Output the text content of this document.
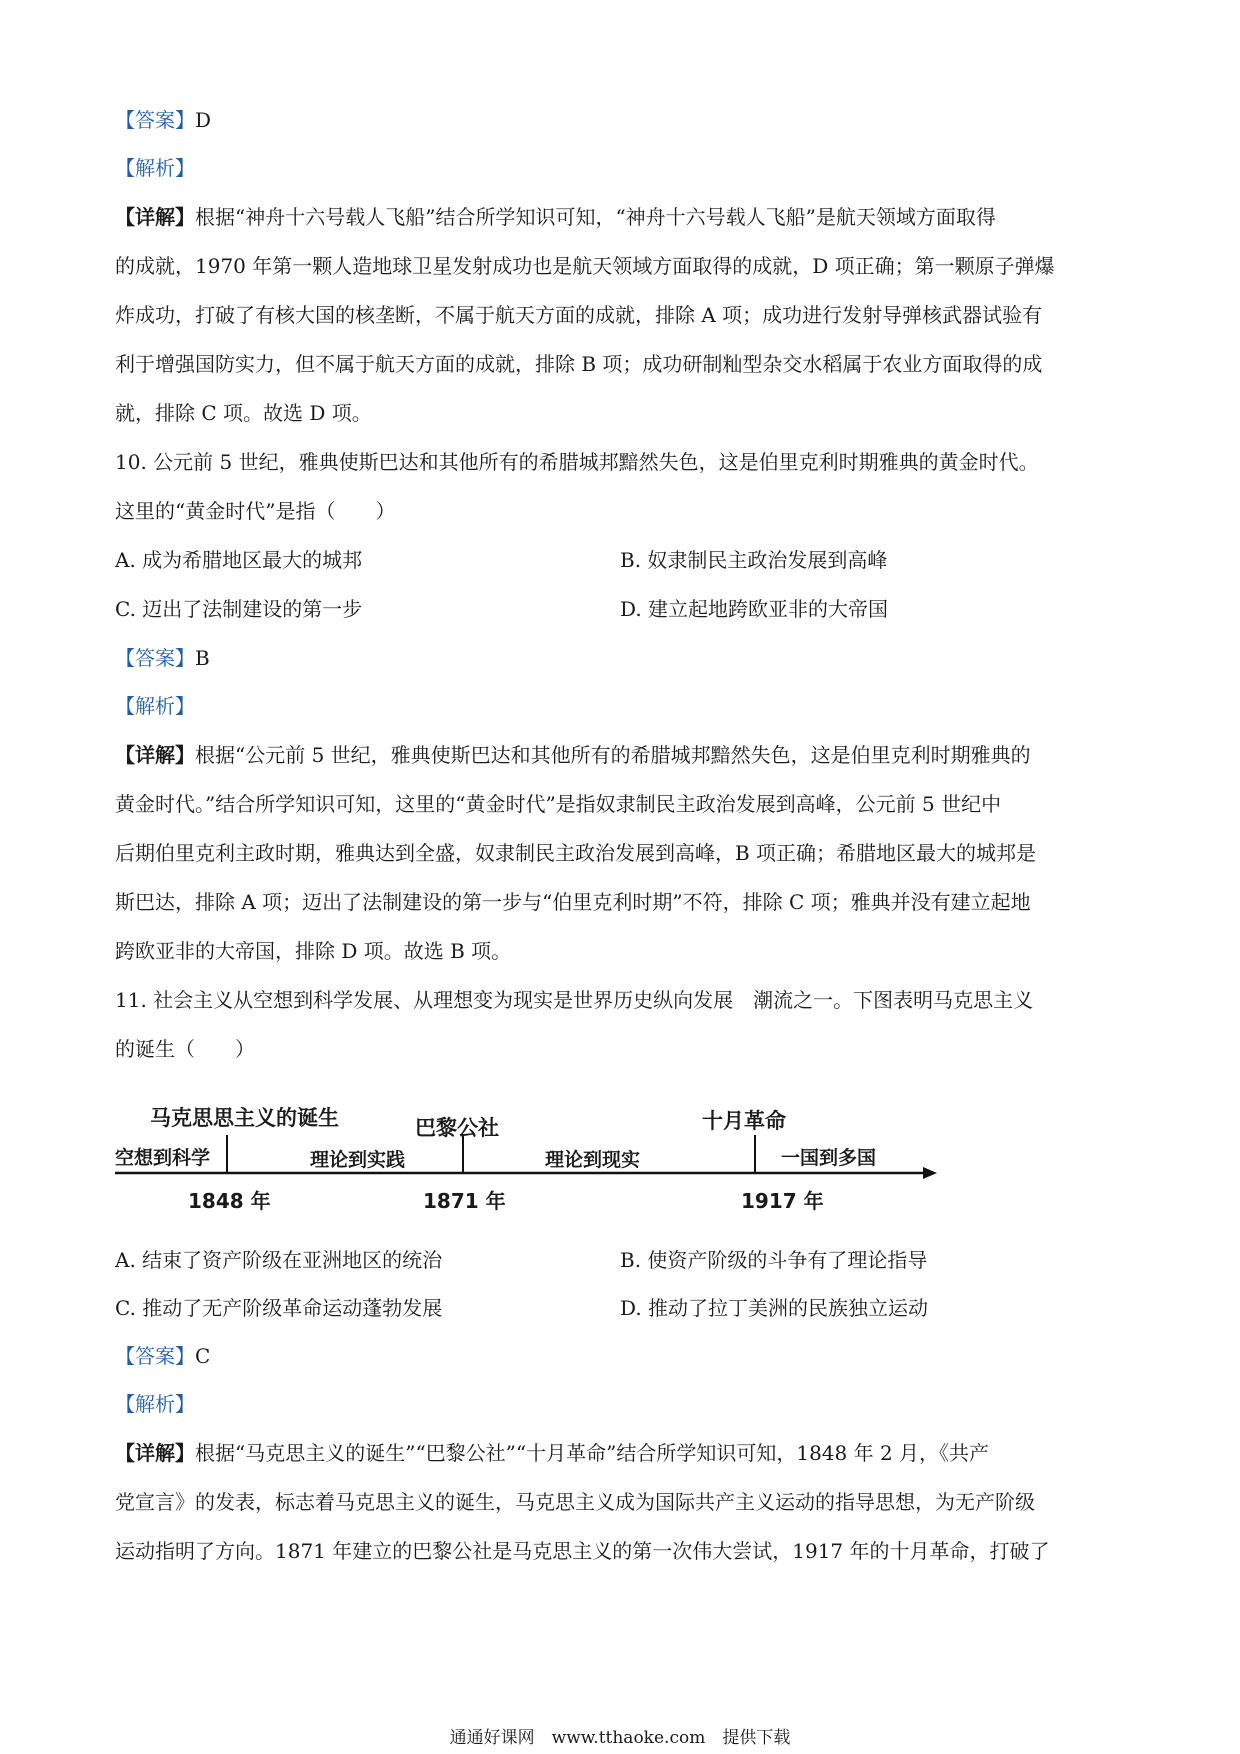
【答案】D
【解析】
【详解】根据“神舟十六号载人飞船”结合所学知识可知，“神舟十六号载人飞船”是航天领域方面取得
的成就，1970 年第一颗人造地球卫星发射成功也是航天领域方面取得的成就，D 项正确；第一颗原子弹爆
炸成功，打破了有核大国的核垄断，不属于航天方面的成就，排除 A 项；成功进行发射导弹核武器试验有
利于增强国防实力，但不属于航天方面的成就，排除 B 项；成功研制籼型杂交水稻属于农业方面取得的成
就，排除 C 项。故选 D 项。
10. 公元前 5 世纪，雅典使斯巴达和其他所有的希腊城邦黯然失色，这是伯里克利时期雅典的黄金时代。
这里的“黄金时代”是指（　　）
A. 成为希腊地区最大的城邦	B. 奴隶制民主政治发展到高峰
C. 迈出了法制建设的第一步	D. 建立起地跨欧亚非的大帝国
【答案】B
【解析】
【详解】根据“公元前 5 世纪，雅典使斯巴达和其他所有的希腊城邦黯然失色，这是伯里克利时期雅典的
黄金时代。”结合所学知识可知，这里的“黄金时代”是指奴隶制民主政治发展到高峰，公元前 5 世纪中
后期伯里克利主政时期，雅典达到全盛，奴隶制民主政治发展到高峰，B 项正确；希腊地区最大的城邦是
斯巴达，排除 A 项；迈出了法制建设的第一步与“伯里克利时期”不符，排除 C 项；雅典并没有建立起地
跨欧亚非的大帝国，排除 D 项。故选 B 项。
11. 社会主义从空想到科学发展、从理想变为现实是世界历史纵向发展　潮流之一。下图表明马克思主义
的诞生（　　）
马克思思主义的诞生	巴黎公社	十月革命
空想到科学	理论到实践	理论到现实	一国到多国
1848 年	1871 年	1917 年
A. 结束了资产阶级在亚洲地区的统治	B. 使资产阶级的斗争有了理论指导
C. 推动了无产阶级革命运动蓬勃发展	D. 推动了拉丁美洲的民族独立运动
【答案】C
【解析】
【详解】根据“马克思主义的诞生”“巴黎公社”“十月革命”结合所学知识可知，1848 年 2 月，《共产
党宣言》的发表，标志着马克思主义的诞生，马克思主义成为国际共产主义运动的指导思想，为无产阶级
运动指明了方向。1871 年建立的巴黎公社是马克思主义的第一次伟大尝试，1917 年的十月革命，打破了
通通好课网　www.tthaoke.com　提供下载
